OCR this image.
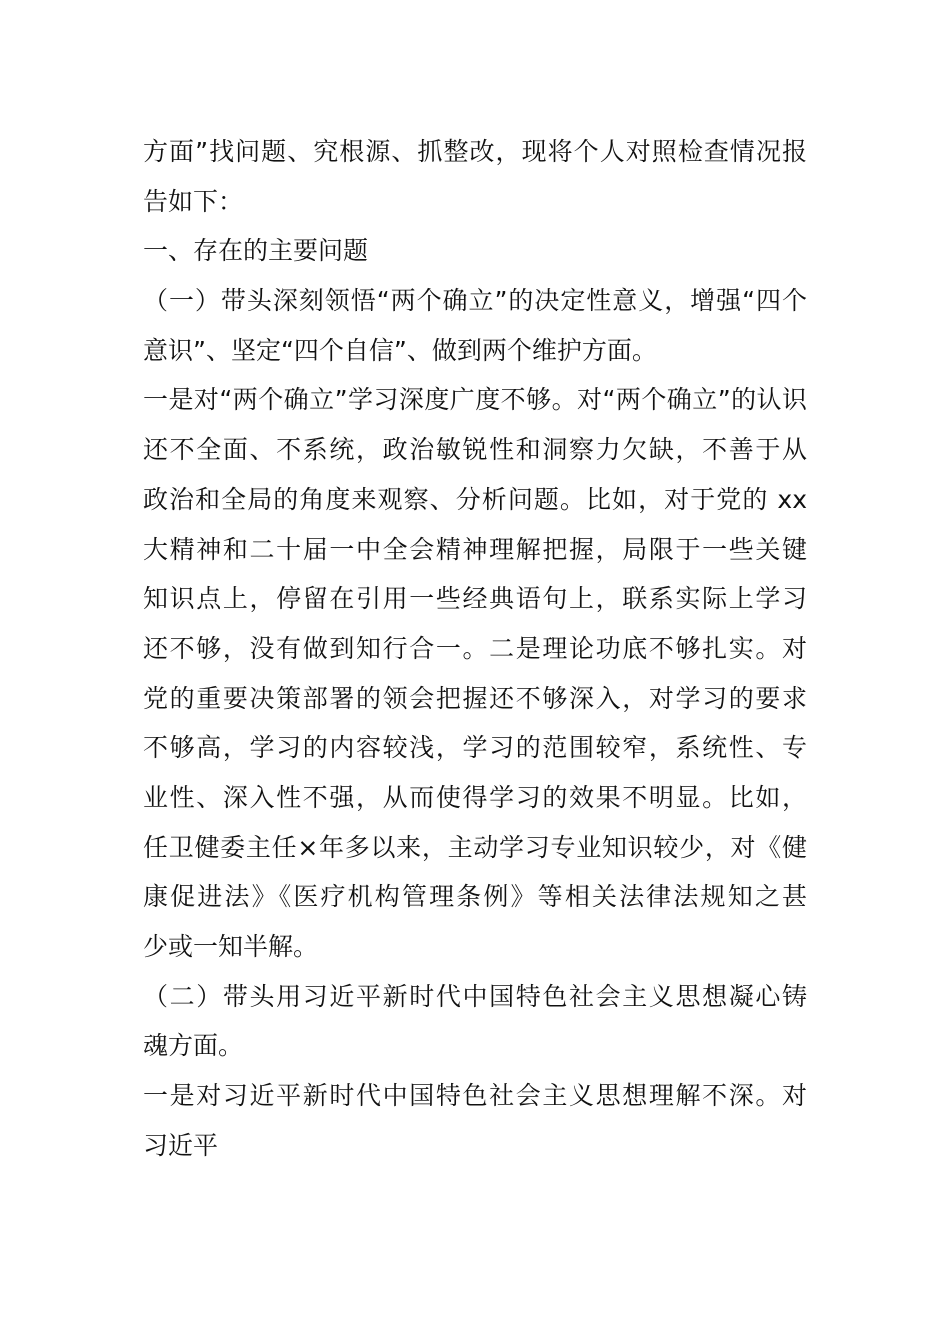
方面”找问题、究根源、抓整改，现将个人对照检查情况报
告如下：
一、存在的主要问题
（一）带头深刻领悟“两个确立”的决定性意义，增强“四个
意识”、坚定“四个自信”、做到两个维护方面。
一是对“两个确立”学习深度广度不够。对“两个确立”的认识
还不全面、不系统，政治敏锐性和洞察力欠缺，不善于从
政治和全局的角度来观察、分析问题。比如，对于党的 xx
大精神和二十届一中全会精神理解把握，局限于一些关键
知识点上，停留在引用一些经典语句上，联系实际上学习
还不够，没有做到知行合一。二是理论功底不够扎实。对
党的重要决策部署的领会把握还不够深入，对学习的要求
不够高，学习的内容较浅，学习的范围较窄，系统性、专
业性、深入性不强，从而使得学习的效果不明显。比如，
任卫健委主任×年多以来，主动学习专业知识较少，对《健
康促进法》《医疗机构管理条例》等相关法律法规知之甚
少或一知半解。
（二）带头用习近平新时代中国特色社会主义思想凝心铸
魂方面。
一是对习近平新时代中国特色社会主义思想理解不深。对
习近平
